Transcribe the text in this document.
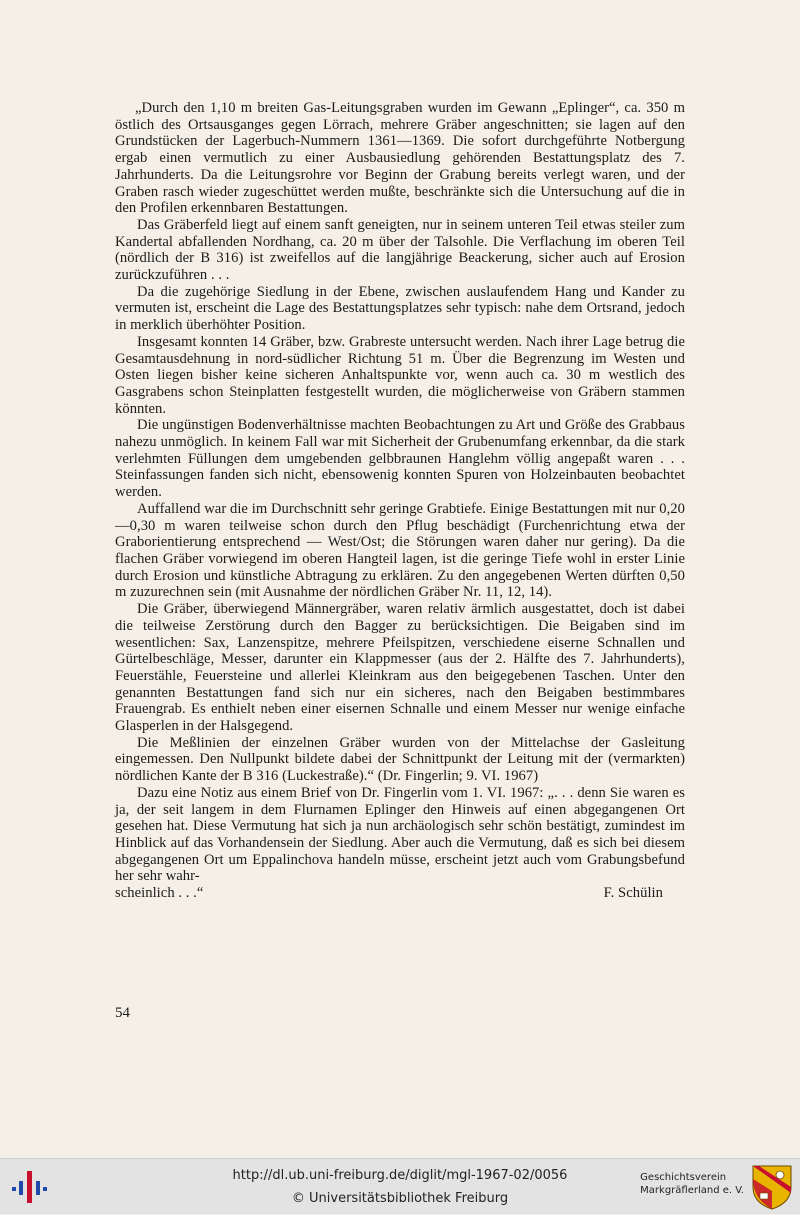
„Durch den 1,10 m breiten Gas-Leitungsgraben wurden im Gewann „Eplinger“, ca. 350 m östlich des Ortsausganges gegen Lörrach, mehrere Gräber angeschnitten; sie lagen auf den Grundstücken der Lagerbuch-Nummern 1361—1369. Die sofort durchgeführte Notbergung ergab einen vermutlich zu einer Ausbausiedlung gehörenden Bestattungsplatz des 7. Jahrhunderts. Da die Leitungsrohre vor Beginn der Grabung bereits verlegt waren, und der Graben rasch wieder zugeschüttet werden mußte, beschränkte sich die Untersuchung auf die in den Profilen erkennbaren Bestattungen.

Das Gräberfeld liegt auf einem sanft geneigten, nur in seinem unteren Teil etwas steiler zum Kandertal abfallenden Nordhang, ca. 20 m über der Talsohle. Die Verflachung im oberen Teil (nördlich der B 316) ist zweifellos auf die langjährige Beackerung, sicher auch auf Erosion zurückzuführen . . .

Da die zugehörige Siedlung in der Ebene, zwischen auslaufendem Hang und Kander zu vermuten ist, erscheint die Lage des Bestattungsplatzes sehr typisch: nahe dem Ortsrand, jedoch in merklich überhöhter Position.

Insgesamt konnten 14 Gräber, bzw. Grabreste untersucht werden. Nach ihrer Lage betrug die Gesamtausdehnung in nord-südlicher Richtung 51 m. Über die Begrenzung im Westen und Osten liegen bisher keine sicheren Anhaltspunkte vor, wenn auch ca. 30 m westlich des Gasgrabens schon Steinplatten festgestellt wurden, die möglicherweise von Gräbern stammen könnten.

Die ungünstigen Bodenverhältnisse machten Beobachtungen zu Art und Größe des Grabbaus nahezu unmöglich. In keinem Fall war mit Sicherheit der Grubenumfang erkennbar, da die stark verlehmten Füllungen dem umgebenden gelbbraunen Hanglehm völlig angepaßt waren . . . Steinfassungen fanden sich nicht, ebensowenig konnten Spuren von Holzeinbauten beobachtet werden.

Auffallend war die im Durchschnitt sehr geringe Grabtiefe. Einige Bestattungen mit nur 0,20 —0,30 m waren teilweise schon durch den Pflug beschädigt (Furchenrichtung etwa der Graborientierung entsprechend — West/Ost; die Störungen waren daher nur gering). Da die flachen Gräber vorwiegend im oberen Hangteil lagen, ist die geringe Tiefe wohl in erster Linie durch Erosion und künstliche Abtragung zu erklären. Zu den angegebenen Werten dürften 0,50 m zuzurechnen sein (mit Ausnahme der nördlichen Gräber Nr. 11, 12, 14).

Die Gräber, überwiegend Männergräber, waren relativ ärmlich ausgestattet, doch ist dabei die teilweise Zerstörung durch den Bagger zu berücksichtigen. Die Beigaben sind im wesentlichen: Sax, Lanzenspitze, mehrere Pfeilspitzen, verschiedene eiserne Schnallen und Gürtelbeschläge, Messer, darunter ein Klappmesser (aus der 2. Hälfte des 7. Jahrhunderts), Feuerstähle, Feuersteine und allerlei Kleinkram aus den beigegebenen Taschen. Unter den genannten Bestattungen fand sich nur ein sicheres, nach den Beigaben bestimmbares Frauengrab. Es enthielt neben einer eisernen Schnalle und einem Messer nur wenige einfache Glasperlen in der Halsgegend.

Die Meßlinien der einzelnen Gräber wurden von der Mittelachse der Gasleitung eingemessen. Den Nullpunkt bildete dabei der Schnittpunkt der Leitung mit der (vermarkten) nördlichen Kante der B 316 (Luckestraße).“ (Dr. Fingerlin; 9. VI. 1967)

Dazu eine Notiz aus einem Brief von Dr. Fingerlin vom 1. VI. 1967: „. . . denn Sie waren es ja, der seit langem in dem Flurnamen Eplinger den Hinweis auf einen abgegangenen Ort gesehen hat. Diese Vermutung hat sich ja nun archäologisch sehr schön bestätigt, zumindest im Hinblick auf das Vorhandensein der Siedlung. Aber auch die Vermutung, daß es sich bei diesem abgegangenen Ort um Eppalinchova handeln müsse, erscheint jetzt auch vom Grabungsbefund her sehr wahr-

scheinlich . . .“	F. Schülin
54
http://dl.ub.uni-freiburg.de/diglit/mgl-1967-02/0056
© Universitätsbibliothek Freiburg
Geschichtsverein
Markgräflerland e. V.
